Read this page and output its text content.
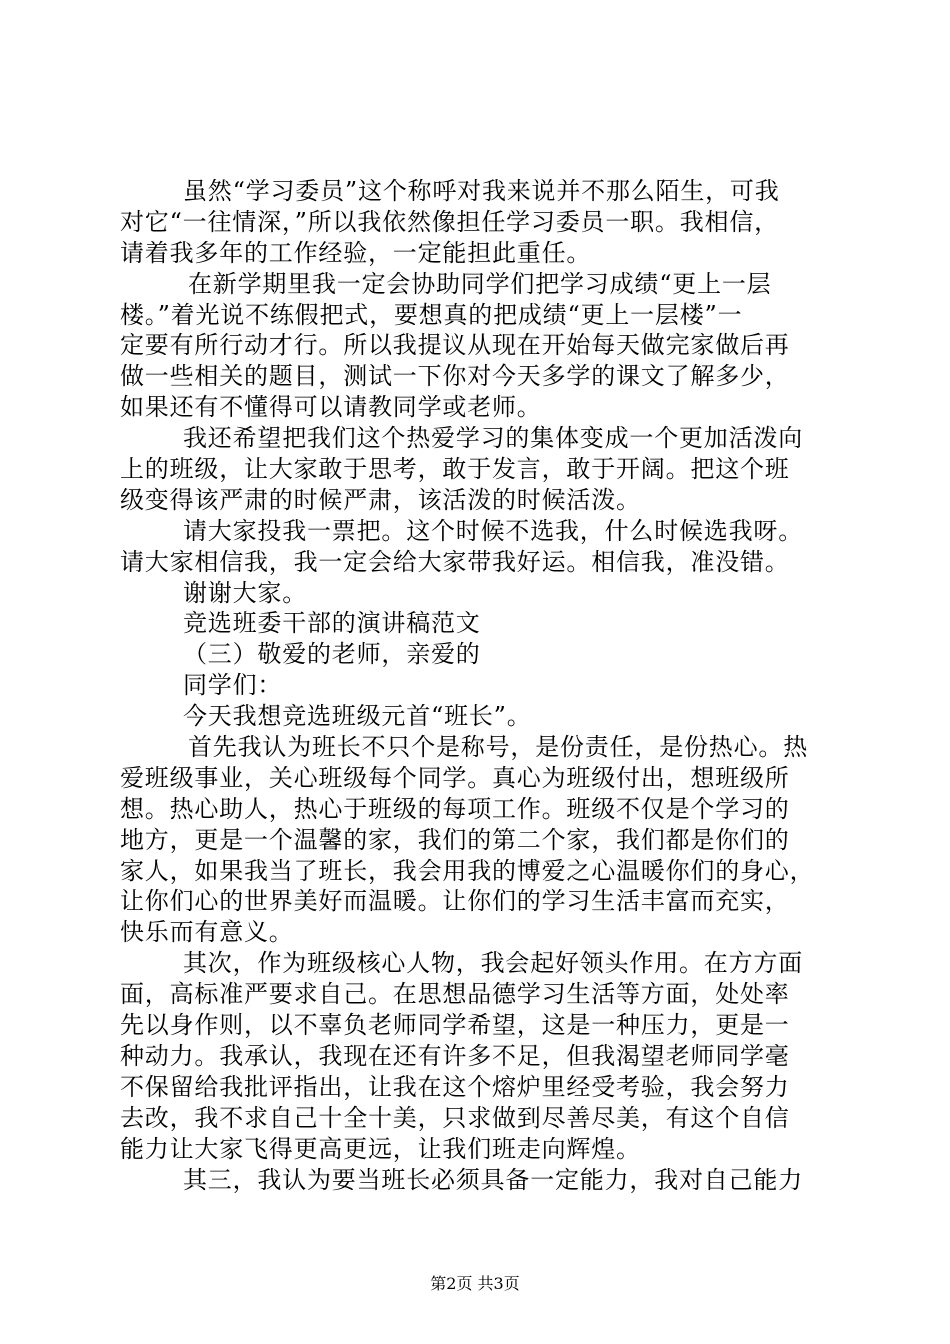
虽然“学习委员”这个称呼对我来说并不那么陌生，可我
对它“一往情深，”所以我依然像担任学习委员一职。我相信，
请着我多年的工作经验，一定能担此重任。
在新学期里我一定会协助同学们把学习成绩“更上一层
楼。”着光说不练假把式，要想真的把成绩“更上一层楼”一
定要有所行动才行。所以我提议从现在开始每天做完家做后再
做一些相关的题目，测试一下你对今天多学的课文了解多少，
如果还有不懂得可以请教同学或老师。
我还希望把我们这个热爱学习的集体变成一个更加活泼向
上的班级，让大家敢于思考，敢于发言，敢于开阔。把这个班
级变得该严肃的时候严肃，该活泼的时候活泼。
请大家投我一票把。这个时候不选我，什么时候选我呀。
请大家相信我，我一定会给大家带我好运。相信我，准没错。
谢谢大家。
竞选班委干部的演讲稿范文
（三）敬爱的老师，亲爱的
同学们：
今天我想竞选班级元首“班长”。
首先我认为班长不只个是称号，是份责任，是份热心。热
爱班级事业，关心班级每个同学。真心为班级付出，想班级所
想。热心助人，热心于班级的每项工作。班级不仅是个学习的
地方，更是一个温馨的家，我们的第二个家，我们都是你们的
家人，如果我当了班长，我会用我的博爱之心温暖你们的身心，
让你们心的世界美好而温暖。让你们的学习生活丰富而充实，
快乐而有意义。
其次，作为班级核心人物，我会起好领头作用。在方方面
面，高标准严要求自己。在思想品德学习生活等方面，处处率
先以身作则，以不辜负老师同学希望，这是一种压力，更是一
种动力。我承认，我现在还有许多不足，但我渴望老师同学毫
不保留给我批评指出，让我在这个熔炉里经受考验，我会努力
去改，我不求自己十全十美，只求做到尽善尽美，有这个自信
能力让大家飞得更高更远，让我们班走向辉煌。
其三，我认为要当班长必须具备一定能力，我对自己能力
第2页 共3页
